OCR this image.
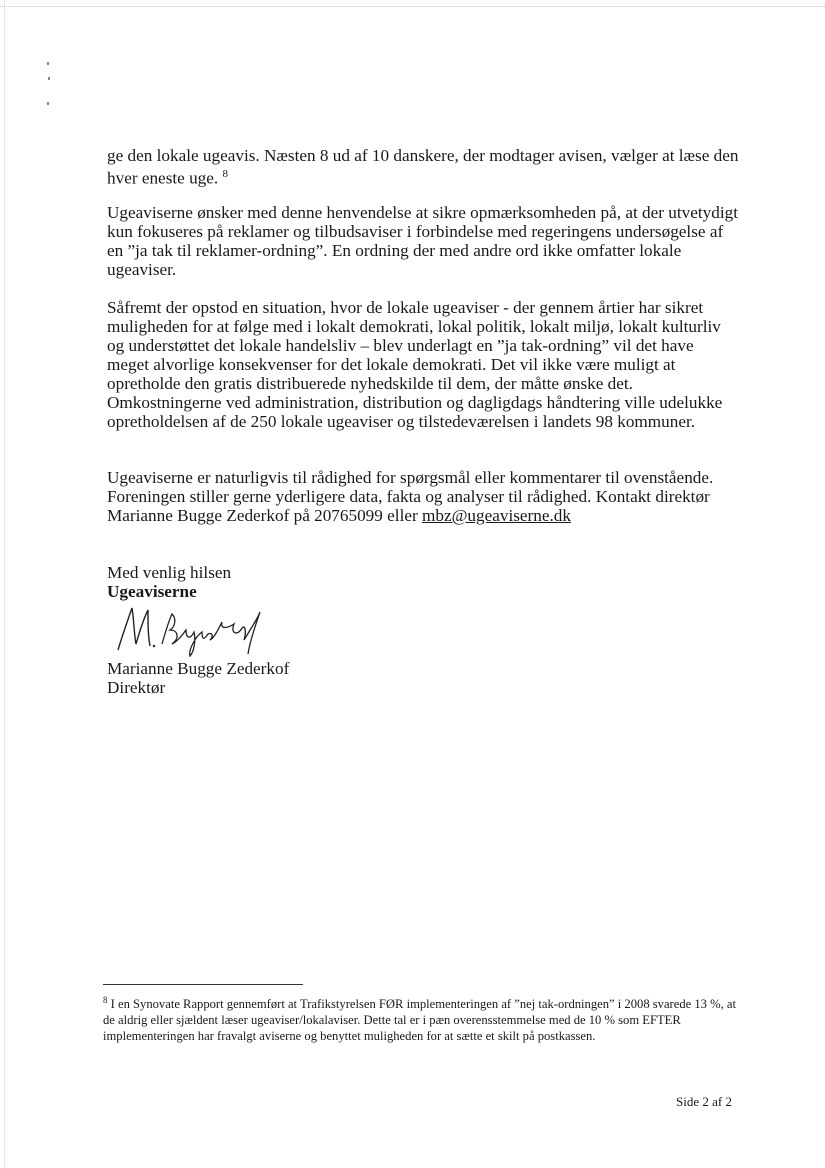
ge den lokale ugeavis. Næsten 8 ud af 10 danskere, der modtager avisen, vælger at læse den hver eneste uge. $^8$

Ugeaviserne ønsker med denne henvendelse at sikre opmærksomheden på, at der utvetydigt kun fokuseres på reklamer og tilbudsaviser i forbindelse med regeringens undersøgelse af en ”ja tak til reklamer-ordning”. En ordning der med andre ord ikke omfatter lokale ugeaviser.

Såfremt der opstod en situation, hvor de lokale ugeaviser - der gennem årtier har sikret muligheden for at følge med i lokalt demokrati, lokal politik, lokalt miljø, lokalt kulturliv og understøttet det lokale handelsliv – blev underlagt en ”ja tak-ordning” vil det have meget alvorlige konsekvenser for det lokale demokrati. Det vil ikke være muligt at opretholde den gratis distribuerede nyhedskilde til dem, der måtte ønske det. Omkostningerne ved administration, distribution og dagligdags håndtering ville udelukke opretholdelsen af de 250 lokale ugeaviser og tilstedeværelsen i landets 98 kommuner.

Ugeaviserne er naturligvis til rådighed for spørgsmål eller kommentarer til ovenstående. Foreningen stiller gerne yderligere data, fakta og analyser til rådighed. Kontakt direktør Marianne Bugge Zederkof på 20765099 eller mbz@ugeaviserne.dk

Med venlig hilsen
Ugeaviserne
Marianne Bugge Zederkof
Direktør

$^8$ I en Synovate Rapport gennemført at Trafikstyrelsen FØR implementeringen af ”nej tak-ordningen” i 2008 svarede 13 %, at de aldrig eller sjældent læser ugeaviser/lokalaviser. Dette tal er i pæn overensstemmelse med de 10 % som EFTER implementeringen har fravalgt aviserne og benyttet muligheden for at sætte et skilt på postkassen.

Side 2 af 2
